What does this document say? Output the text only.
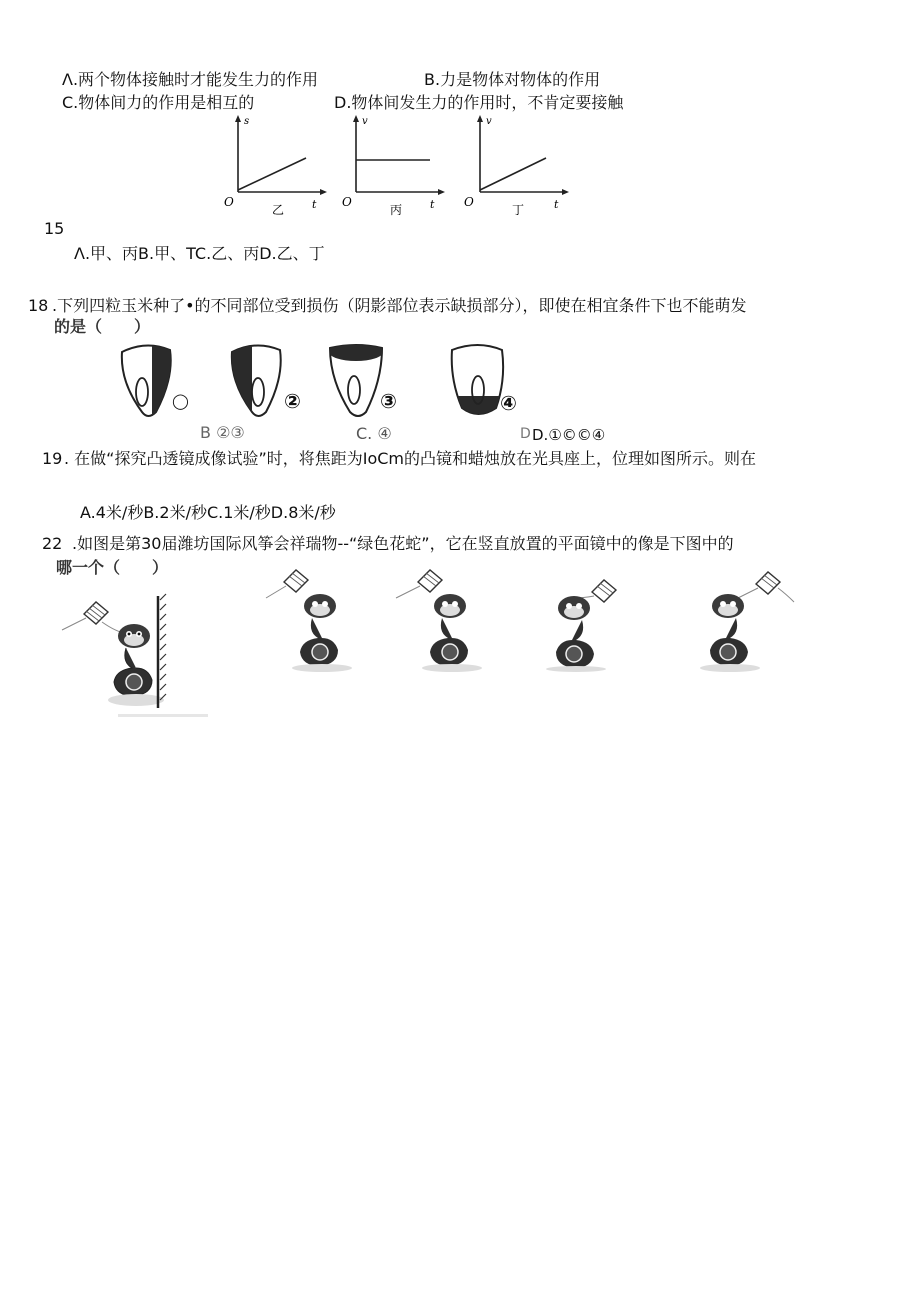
Λ.两个物体接触时才能发生力的作用	B.力是物体对物体的作用
C.物体间力的作用是相互的	D.物体间发生力的作用时，不肯定要接触
s
O	t
乙
v
O	t
丙
v
O	t
丁
15
Λ.甲、丙B.甲、TC.乙、丙D.乙、丁
18 .下列四粒玉米种了•的不同部位受到损伤（阴影部位表示缺损部分），即使在相宜条件下也不能萌发
的是（　　）
◯	②	③	④
B ②③	C. ④	D D.①©©④
19 . 在做“探究凸透镜成像试验”时，将焦距为IoCm的凸镜和蜡烛放在光具座上，位理如图所示。则在
A.4米/秒B.2米/秒C.1米/秒D.8米/秒
22 .如图是第30届潍坊国际风筝会祥瑞物--“绿色花蛇”，它在竖直放置的平面镜中的像是下图中的
哪一个（　　）
